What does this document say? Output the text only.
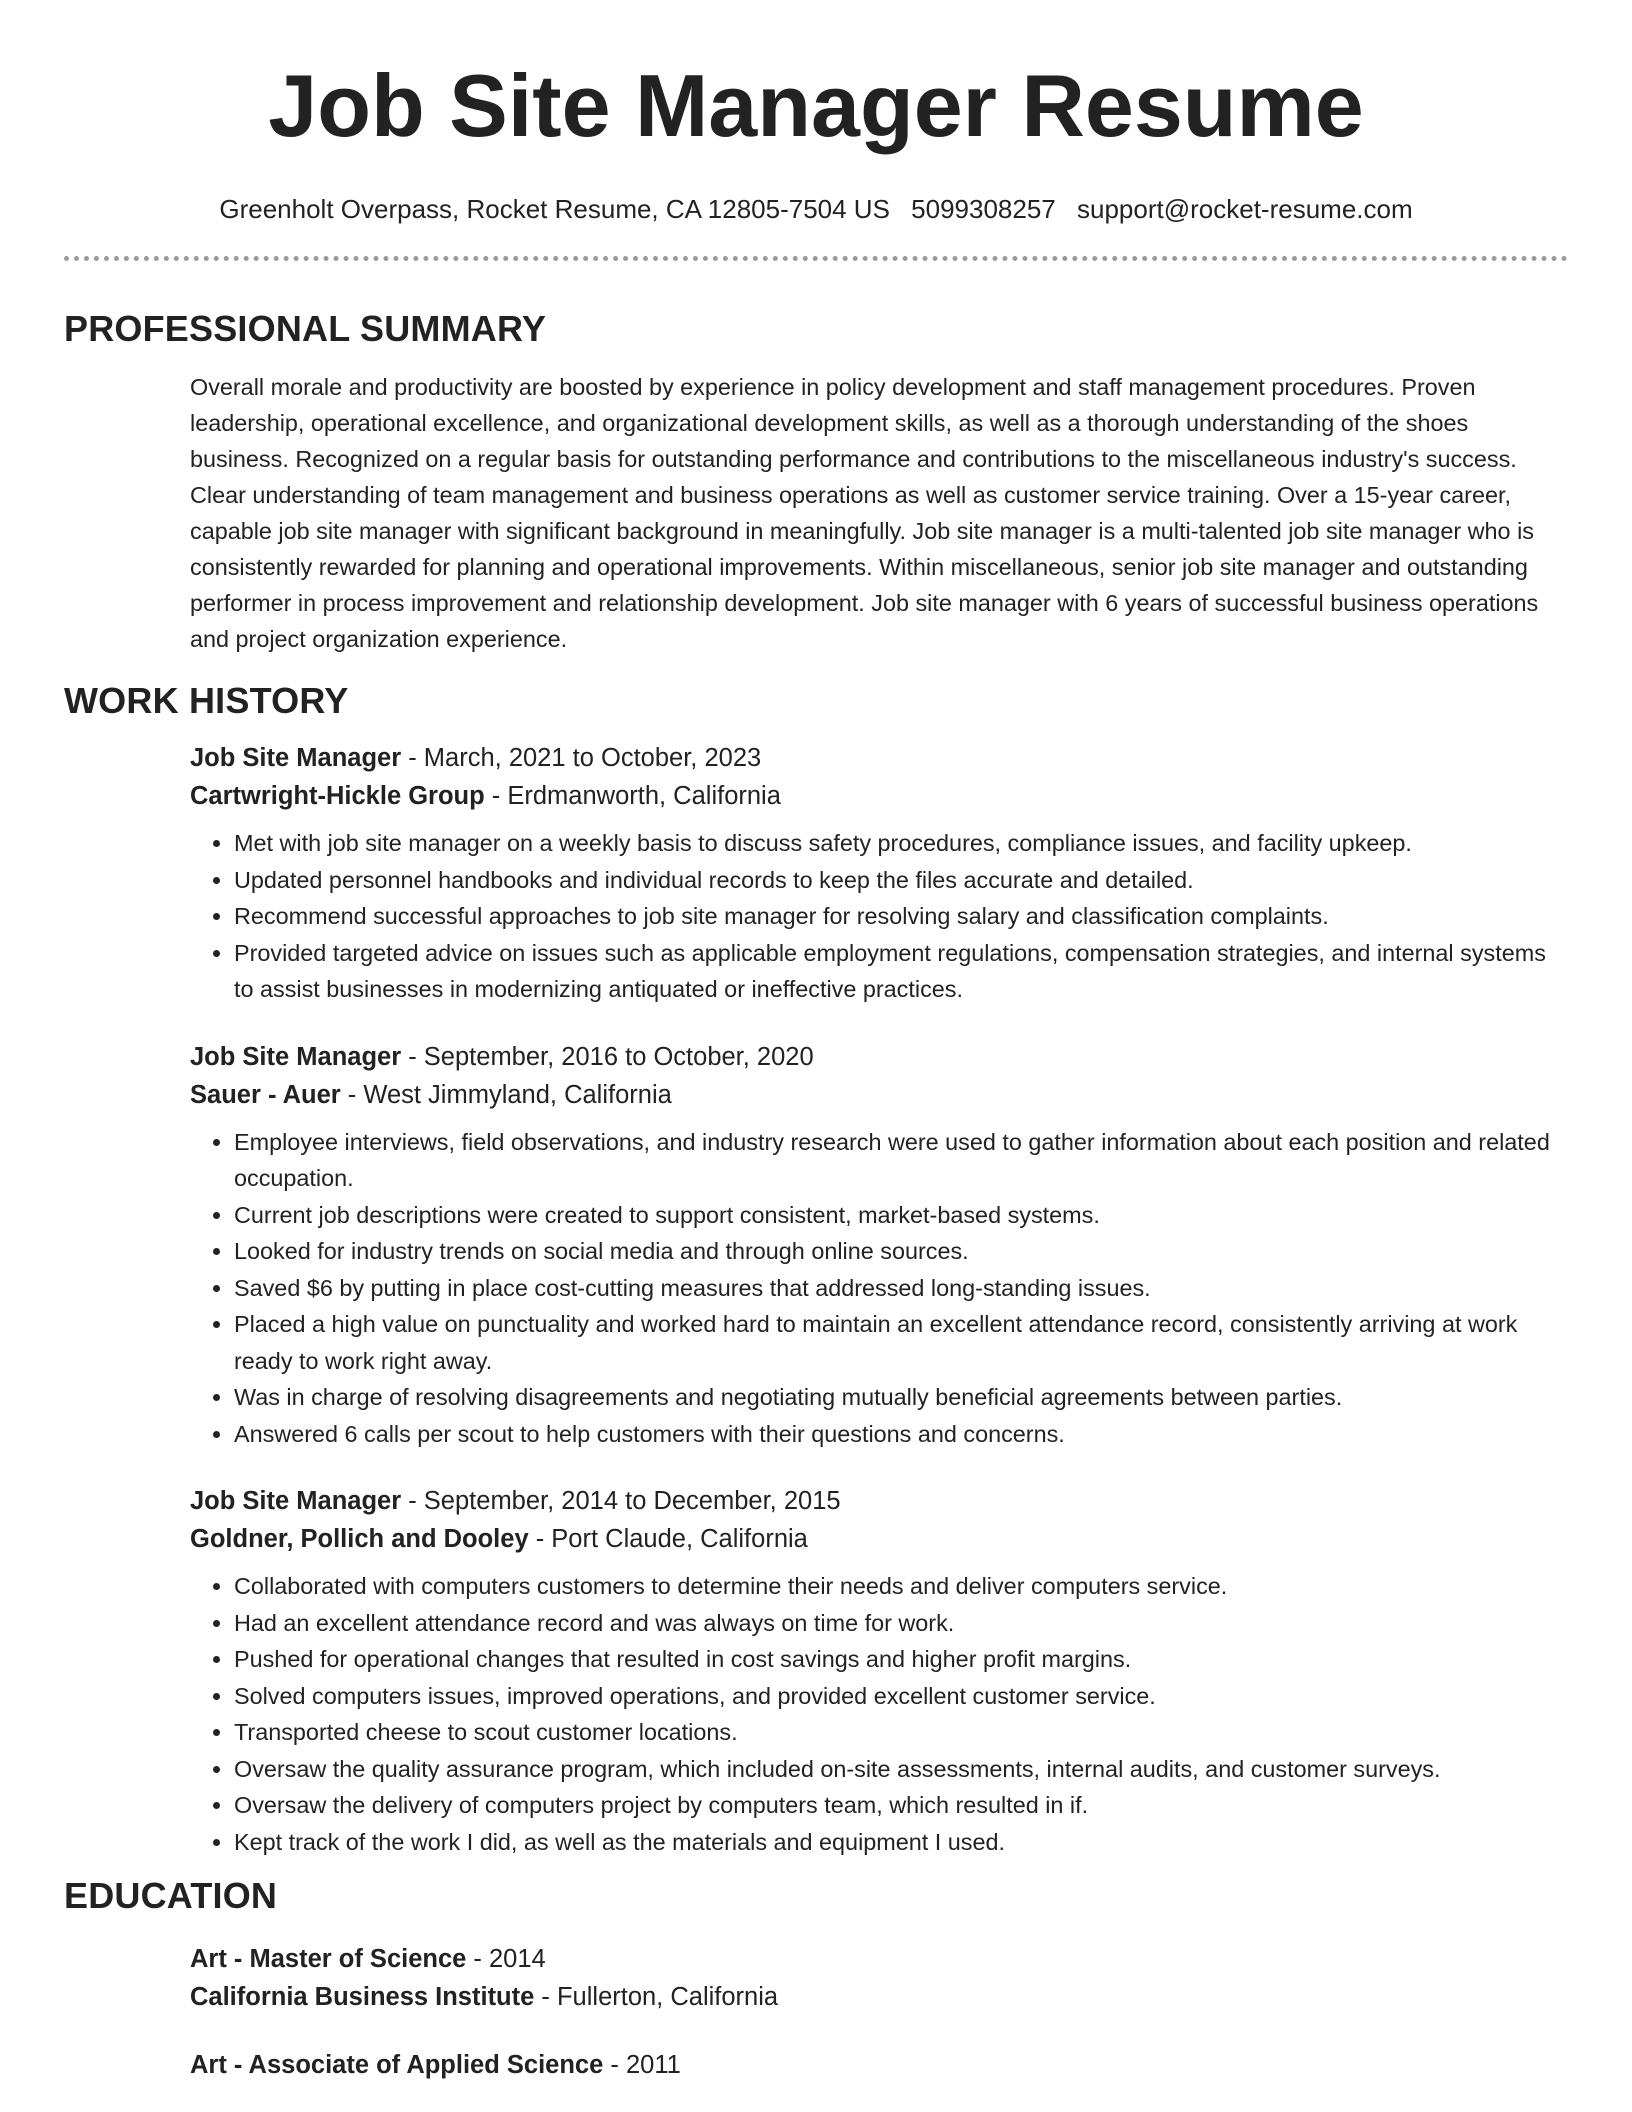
Job Site Manager Resume
Greenholt Overpass, Rocket Resume, CA 12805-7504 US 5099308257 support@rocket-resume.com
PROFESSIONAL SUMMARY
Overall morale and productivity are boosted by experience in policy development and staff management procedures. Proven leadership, operational excellence, and organizational development skills, as well as a thorough understanding of the shoes business. Recognized on a regular basis for outstanding performance and contributions to the miscellaneous industry's success. Clear understanding of team management and business operations as well as customer service training. Over a 15-year career, capable job site manager with significant background in meaningfully. Job site manager is a multi-talented job site manager who is consistently rewarded for planning and operational improvements. Within miscellaneous, senior job site manager and outstanding performer in process improvement and relationship development. Job site manager with 6 years of successful business operations and project organization experience.
WORK HISTORY
Job Site Manager - March, 2021 to October, 2023
Cartwright-Hickle Group - Erdmanworth, California
• Met with job site manager on a weekly basis to discuss safety procedures, compliance issues, and facility upkeep.
• Updated personnel handbooks and individual records to keep the files accurate and detailed.
• Recommend successful approaches to job site manager for resolving salary and classification complaints.
• Provided targeted advice on issues such as applicable employment regulations, compensation strategies, and internal systems to assist businesses in modernizing antiquated or ineffective practices.
Job Site Manager - September, 2016 to October, 2020
Sauer - Auer - West Jimmyland, California
• Employee interviews, field observations, and industry research were used to gather information about each position and related occupation.
• Current job descriptions were created to support consistent, market-based systems.
• Looked for industry trends on social media and through online sources.
• Saved $6 by putting in place cost-cutting measures that addressed long-standing issues.
• Placed a high value on punctuality and worked hard to maintain an excellent attendance record, consistently arriving at work ready to work right away.
• Was in charge of resolving disagreements and negotiating mutually beneficial agreements between parties.
• Answered 6 calls per scout to help customers with their questions and concerns.
Job Site Manager - September, 2014 to December, 2015
Goldner, Pollich and Dooley - Port Claude, California
• Collaborated with computers customers to determine their needs and deliver computers service.
• Had an excellent attendance record and was always on time for work.
• Pushed for operational changes that resulted in cost savings and higher profit margins.
• Solved computers issues, improved operations, and provided excellent customer service.
• Transported cheese to scout customer locations.
• Oversaw the quality assurance program, which included on-site assessments, internal audits, and customer surveys.
• Oversaw the delivery of computers project by computers team, which resulted in if.
• Kept track of the work I did, as well as the materials and equipment I used.
EDUCATION
Art - Master of Science - 2014
California Business Institute - Fullerton, California
Art - Associate of Applied Science - 2011
